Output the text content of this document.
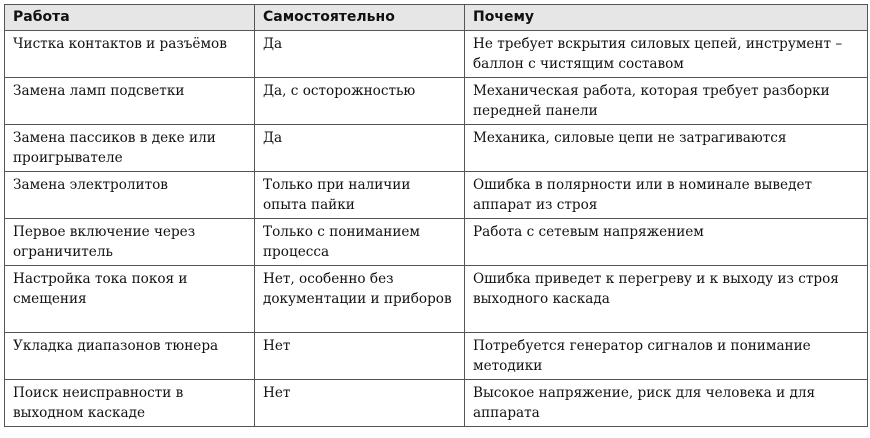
Работа	Самостоятельно	Почему
Чистка контактов и разъёмов	Да	Не требует вскрытия силовых цепей, инструмент – баллон с чистящим составом
Замена ламп подсветки	Да, с осторожностью	Механическая работа, которая требует разборки передней панели
Замена пассиков в деке или проигрывателе	Да	Механика, силовые цепи не затрагиваются
Замена электролитов	Только при наличии опыта пайки	Ошибка в полярности или в номинале выведет аппарат из строя
Первое включение через ограничитель	Только с пониманием процесса	Работа с сетевым напряжением
Настройка тока покоя и смещения	Нет, особенно без документации и приборов	Ошибка приведет к перегреву и к выходу из строя выходного каскада
Укладка диапазонов тюнера	Нет	Потребуется генератор сигналов и понимание методики
Поиск неисправности в выходном каскаде	Нет	Высокое напряжение, риск для человека и для аппарата
